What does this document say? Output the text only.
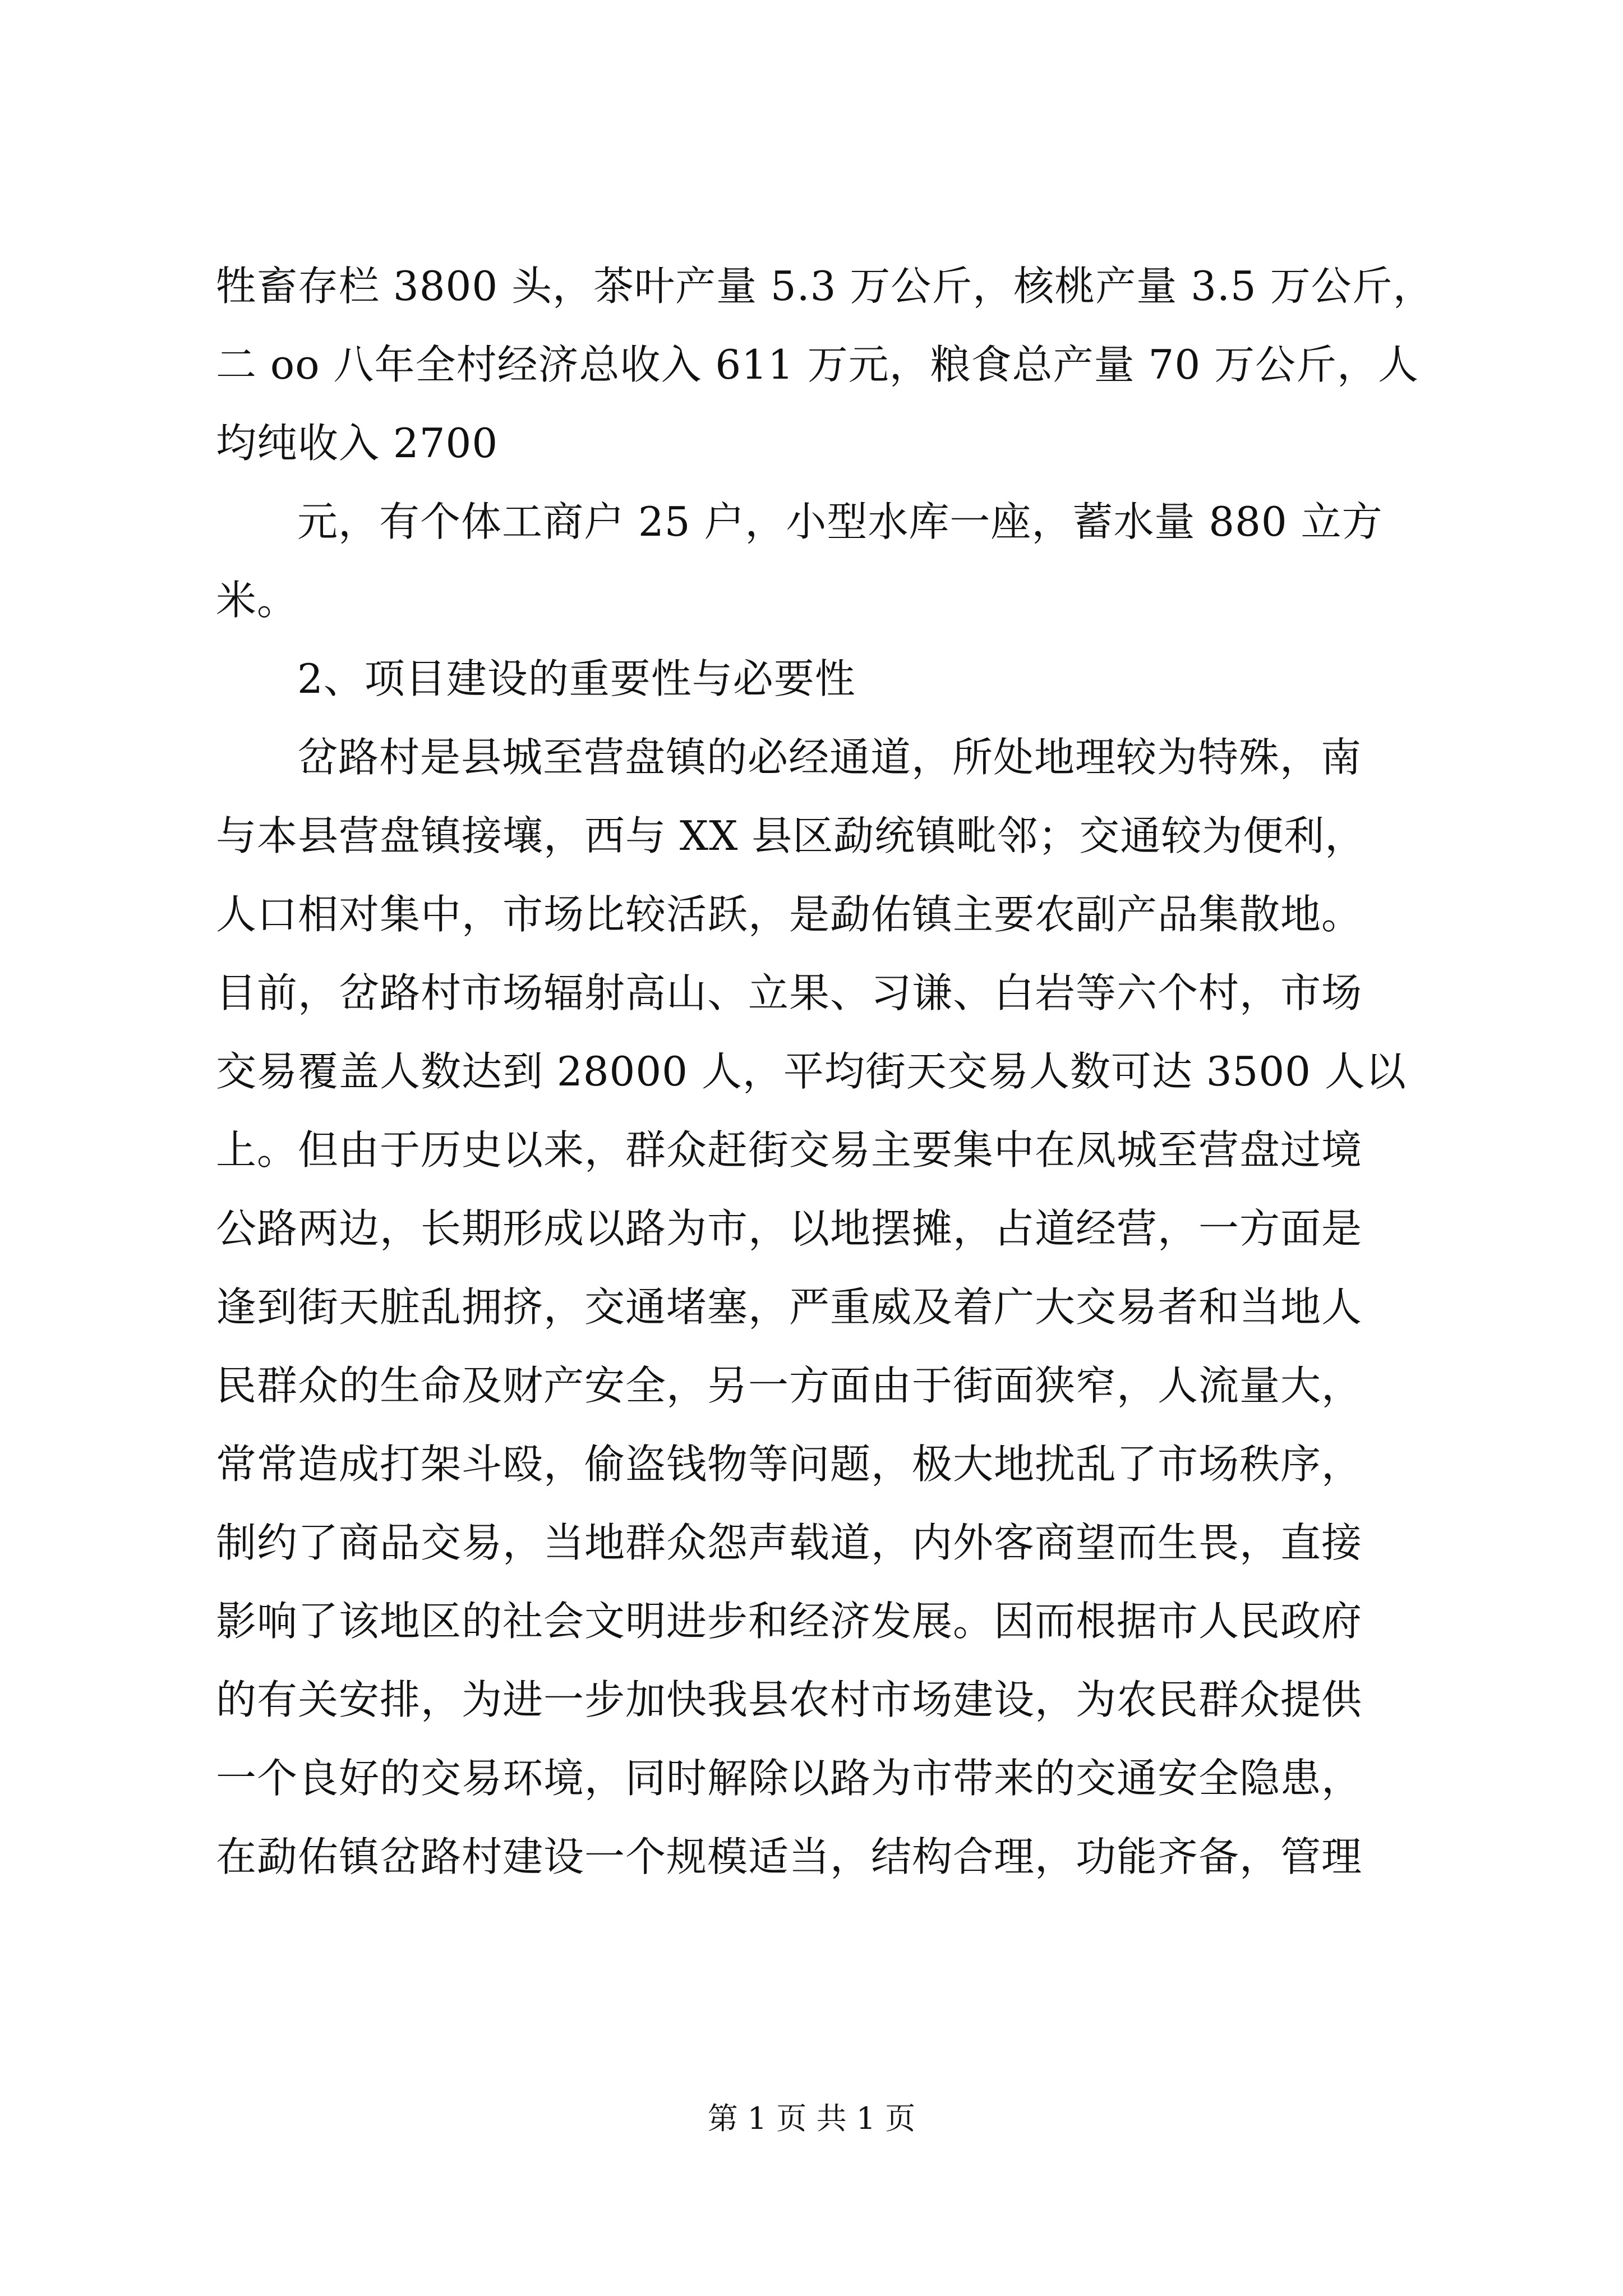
牲畜存栏 3800 头，茶叶产量 5.3 万公斤，核桃产量 3.5 万公斤，
二 oo 八年全村经济总收入 611 万元，粮食总产量 70 万公斤，人
均纯收入 2700
元，有个体工商户 25 户，小型水库一座，蓄水量 880 立方
米。
2、项目建设的重要性与必要性
岔路村是县城至营盘镇的必经通道，所处地理较为特殊，南
与本县营盘镇接壤，西与 XX 县区勐统镇毗邻；交通较为便利，
人口相对集中，市场比较活跃，是勐佑镇主要农副产品集散地。
目前，岔路村市场辐射高山、立果、习谦、白岩等六个村，市场
交易覆盖人数达到 28000 人，平均街天交易人数可达 3500 人以
上。但由于历史以来，群众赶街交易主要集中在凤城至营盘过境
公路两边，长期形成以路为市，以地摆摊，占道经营，一方面是
逢到街天脏乱拥挤，交通堵塞，严重威及着广大交易者和当地人
民群众的生命及财产安全，另一方面由于街面狭窄，人流量大，
常常造成打架斗殴，偷盗钱物等问题，极大地扰乱了市场秩序，
制约了商品交易，当地群众怨声载道，内外客商望而生畏，直接
影响了该地区的社会文明进步和经济发展。因而根据市人民政府
的有关安排，为进一步加快我县农村市场建设，为农民群众提供
一个良好的交易环境，同时解除以路为市带来的交通安全隐患，
在勐佑镇岔路村建设一个规模适当，结构合理，功能齐备，管理
第 1 页 共 1 页
